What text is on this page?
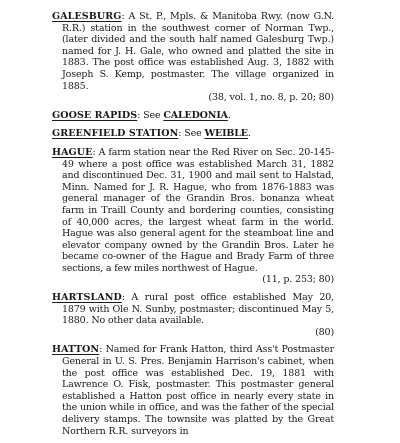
GALESBURG: A St. P., Mpls. & Manitoba Rwy. (now G.N. R.R.) station in the southwest corner of Norman Twp., (later divided and the south half named Galesburg Twp.) named for J. H. Gale, who owned and platted the site in 1883. The post office was established Aug. 3, 1882 with Joseph S. Kemp, postmaster. The village organized in 1885.
(38, vol. 1, no. 8, p. 20; 80)

GOOSE RAPIDS: See CALEDONIA.

GREENFIELD STATION: See WEIBLE.

HAGUE: A farm station near the Red River on Sec. 20-145-49 where a post office was established March 31, 1882 and discontinued Dec. 31, 1900 and mail sent to Halstad, Minn. Named for J. R. Hague, who from 1876-1883 was general manager of the Grandin Bros. bonanza wheat farm in Traill County and bordering counties, consisting of 40,000 acres, the largest wheat farm in the world. Hague was also general agent for the steamboat line and elevator company owned by the Grandin Bros. Later he became co-owner of the Hague and Brady Farm of three sections, a few miles northwest of Hague.
(11, p. 253; 80)

HARTSLAND: A rural post office established May 20, 1879 with Ole N. Sunby, postmaster; discontinued May 5, 1880. No other data available.
(80)

HATTON: Named for Frank Hatton, third Ass't Postmaster General in U. S. Pres. Benjamin Harrison's cabinet, when the post office was established Dec. 19, 1881 with Lawrence O. Fisk, postmaster. This postmaster general established a Hatton post office in nearly every state in the union while in office, and was the father of the special delivery stamps. The townsite was platted by the Great Northern R.R. surveyors in
